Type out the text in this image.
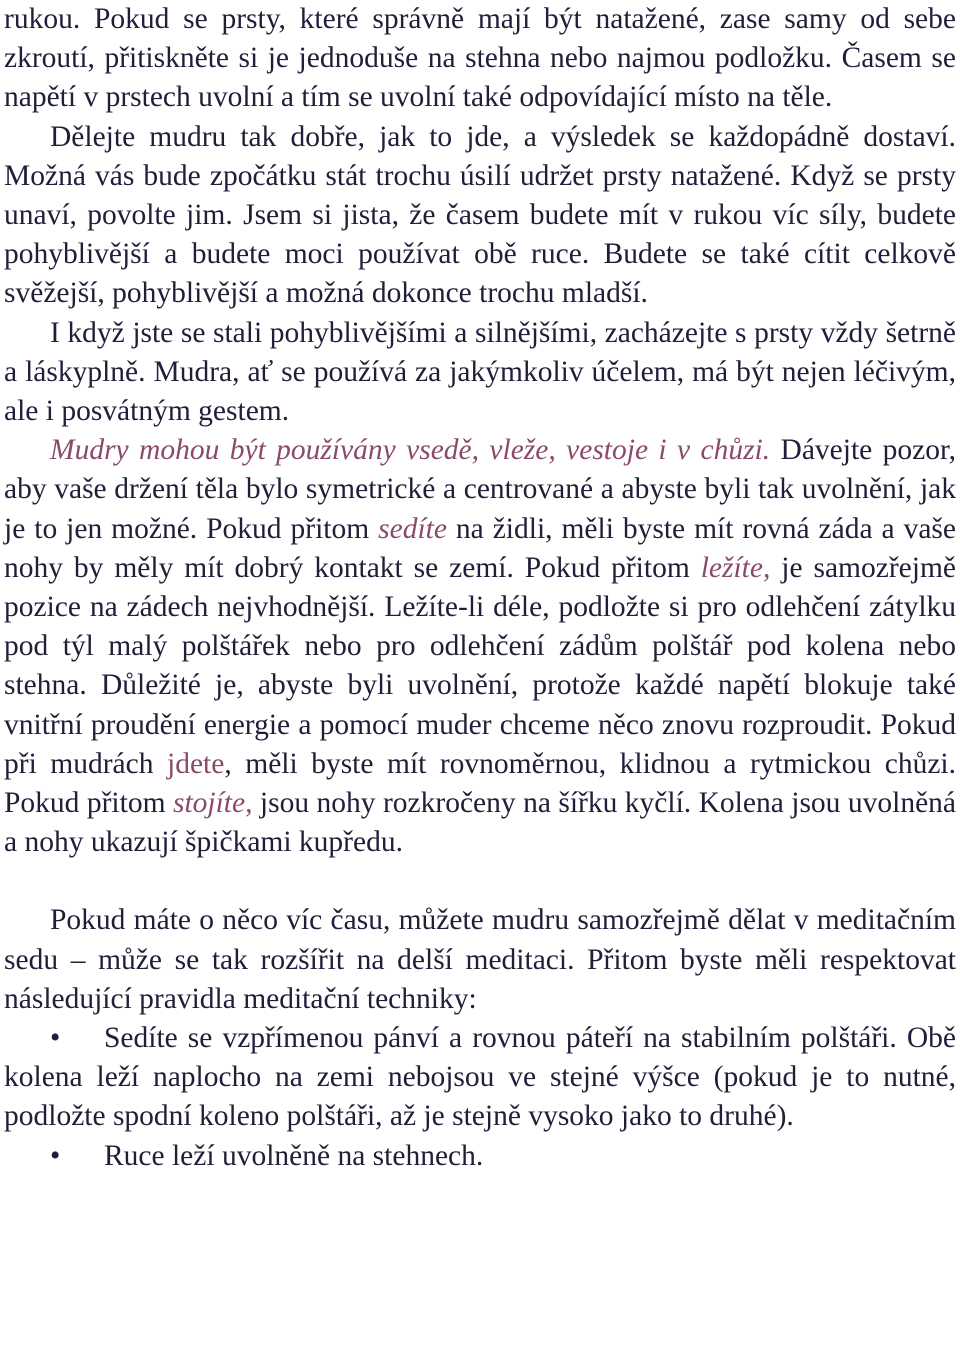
rukou. Pokud se prsty, které správně mají být natažené, zase samy od sebe zkroutí, přitiskněte si je jednoduše na stehna nebo najmou podložku. Časem se napětí v prstech uvolní a tím se uvolní také odpovídající místo na těle.

Dělejte mudru tak dobře, jak to jde, a výsledek se každopádně dostaví. Možná vás bude zpočátku stát trochu úsilí udržet prsty natažené. Když se prsty unaví, povolte jim. Jsem si jista, že časem budete mít v rukou víc síly, budete pohyblivější a budete moci používat obě ruce. Budete se také cítit celkově svěžejší, pohyblivější a možná dokonce trochu mladší.

I když jste se stali pohyblivějšími a silnějšími, zacházejte s prsty vždy šetrně a láskyplně. Mudra, ať se používá za jakýmkoliv účelem, má být nejen léčivým, ale i posvátným gestem.

Mudry mohou být používány vsedě, vleže, vestoje i v chůzi. Dávejte pozor, aby vaše držení těla bylo symetrické a centrované a abyste byli tak uvolnění, jak je to jen možné. Pokud přitom sedíte na židli, měli byste mít rovná záda a vaše nohy by měly mít dobrý kontakt se zemí. Pokud přitom ležíte, je samozřejmě pozice na zádech nejvhodnější. Ležíte-li déle, podložte si pro odlehčení zátylku pod týl malý polštářek nebo pro odlehčení zádům polštář pod kolena nebo stehna. Důležité je, abyste byli uvolnění, protože každé napětí blokuje také vnitřní proudění energie a pomocí muder chceme něco znovu rozproudit. Pokud při mudrách jdete, měli byste mít rovnoměrnou, klidnou a rytmickou chůzi. Pokud přitom stojíte, jsou nohy rozkročeny na šířku kyčlí. Kolena jsou uvolněná a nohy ukazují špičkami kupředu.

Pokud máte o něco víc času, můžete mudru samozřejmě dělat v meditačním sedu – může se tak rozšířit na delší meditaci. Přitom byste měli respektovat následující pravidla meditační techniky:

• Sedíte se vzpřímenou pánví a rovnou páteří na stabilním polštáři. Obě kolena leží naplocho na zemi nebojsou ve stejné výšce (pokud je to nutné, podložte spodní koleno polštáři, až je stejně vysoko jako to druhé).

• Ruce leží uvolněně na stehnech.
